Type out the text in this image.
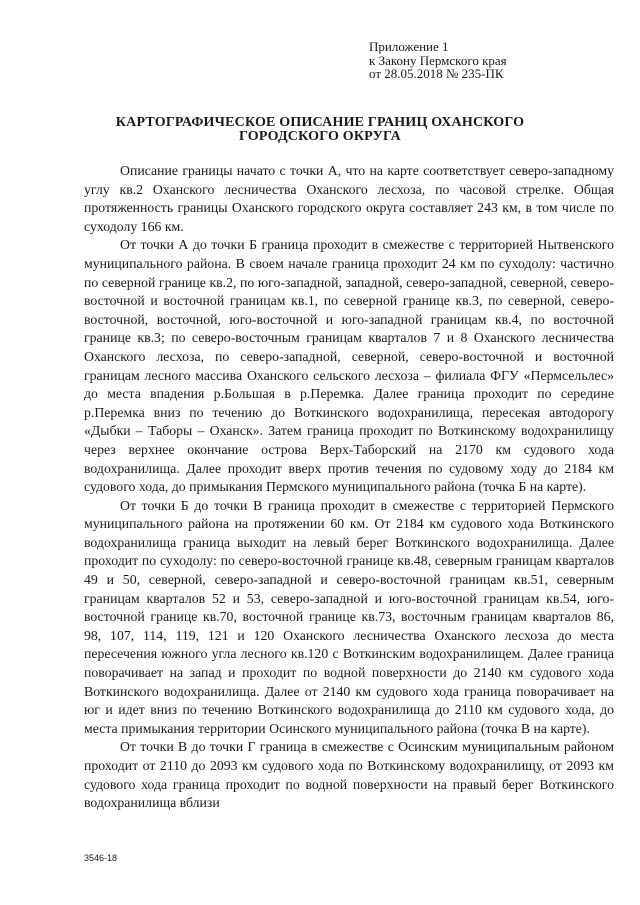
Приложение 1
к Закону Пермского края
от 28.05.2018 № 235-ПК
КАРТОГРАФИЧЕСКОЕ ОПИСАНИЕ ГРАНИЦ ОХАНСКОГО
ГОРОДСКОГО ОКРУГА

Описание границы начато с точки А, что на карте соответствует северо-западному углу кв.2 Оханского лесничества Оханского лесхоза, по часовой стрелке. Общая протяженность границы Оханского городского округа составляет 243 км, в том числе по суходолу 166 км.

От точки А до точки Б граница проходит в смежестве с территорией Нытвенского муниципального района. В своем начале граница проходит 24 км по суходолу: частично по северной границе кв.2, по юго-западной, западной, северо-западной, северной, северо-восточной и восточной границам кв.1, по северной границе кв.3, по северной, северо-восточной, восточной, юго-восточной и юго-западной границам кв.4, по восточной границе кв.3; по северо-восточным границам кварталов 7 и 8 Оханского лесничества Оханского лесхоза, по северо-западной, северной, северо-восточной и восточной границам лесного массива Оханского сельского лесхоза – филиала ФГУ «Пермсельлес» до места впадения р.Большая в р.Перемка. Далее граница проходит по середине р.Перемка вниз по течению до Воткинского водохранилища, пересекая автодорогу «Дыбки – Таборы – Оханск». Затем граница проходит по Воткинскому водохранилищу через верхнее окончание острова Верх-Таборский на 2170 км судового хода водохранилища. Далее проходит вверх против течения по судовому ходу до 2184 км судового хода, до примыкания Пермского муниципального района (точка Б на карте).

От точки Б до точки В граница проходит в смежестве с территорией Пермского муниципального района на протяжении 60 км. От 2184 км судового хода Воткинского водохранилища граница выходит на левый берег Воткинского водохранилища. Далее проходит по суходолу: по северо-восточной границе кв.48, северным границам кварталов 49 и 50, северной, северо-западной и северо-восточной границам кв.51, северным границам кварталов 52 и 53, северо-западной и юго-восточной границам кв.54, юго-восточной границе кв.70, восточной границе кв.73, восточным границам кварталов 86, 98, 107, 114, 119, 121 и 120 Оханского лесничества Оханского лесхоза до места пересечения южного угла лесного кв.120 с Воткинским водохранилищем. Далее граница поворачивает на запад и проходит по водной поверхности до 2140 км судового хода Воткинского водохранилища. Далее от 2140 км судового хода граница поворачивает на юг и идет вниз по течению Воткинского водохранилища до 2110 км судового хода, до места примыкания территории Осинского муниципального района (точка В на карте).

От точки В до точки Г граница в смежестве с Осинским муниципальным районом проходит от 2110 до 2093 км судового хода по Воткинскому водохранилищу, от 2093 км судового хода граница проходит по водной поверхности на правый берег Воткинского водохранилища вблизи

3546-18
